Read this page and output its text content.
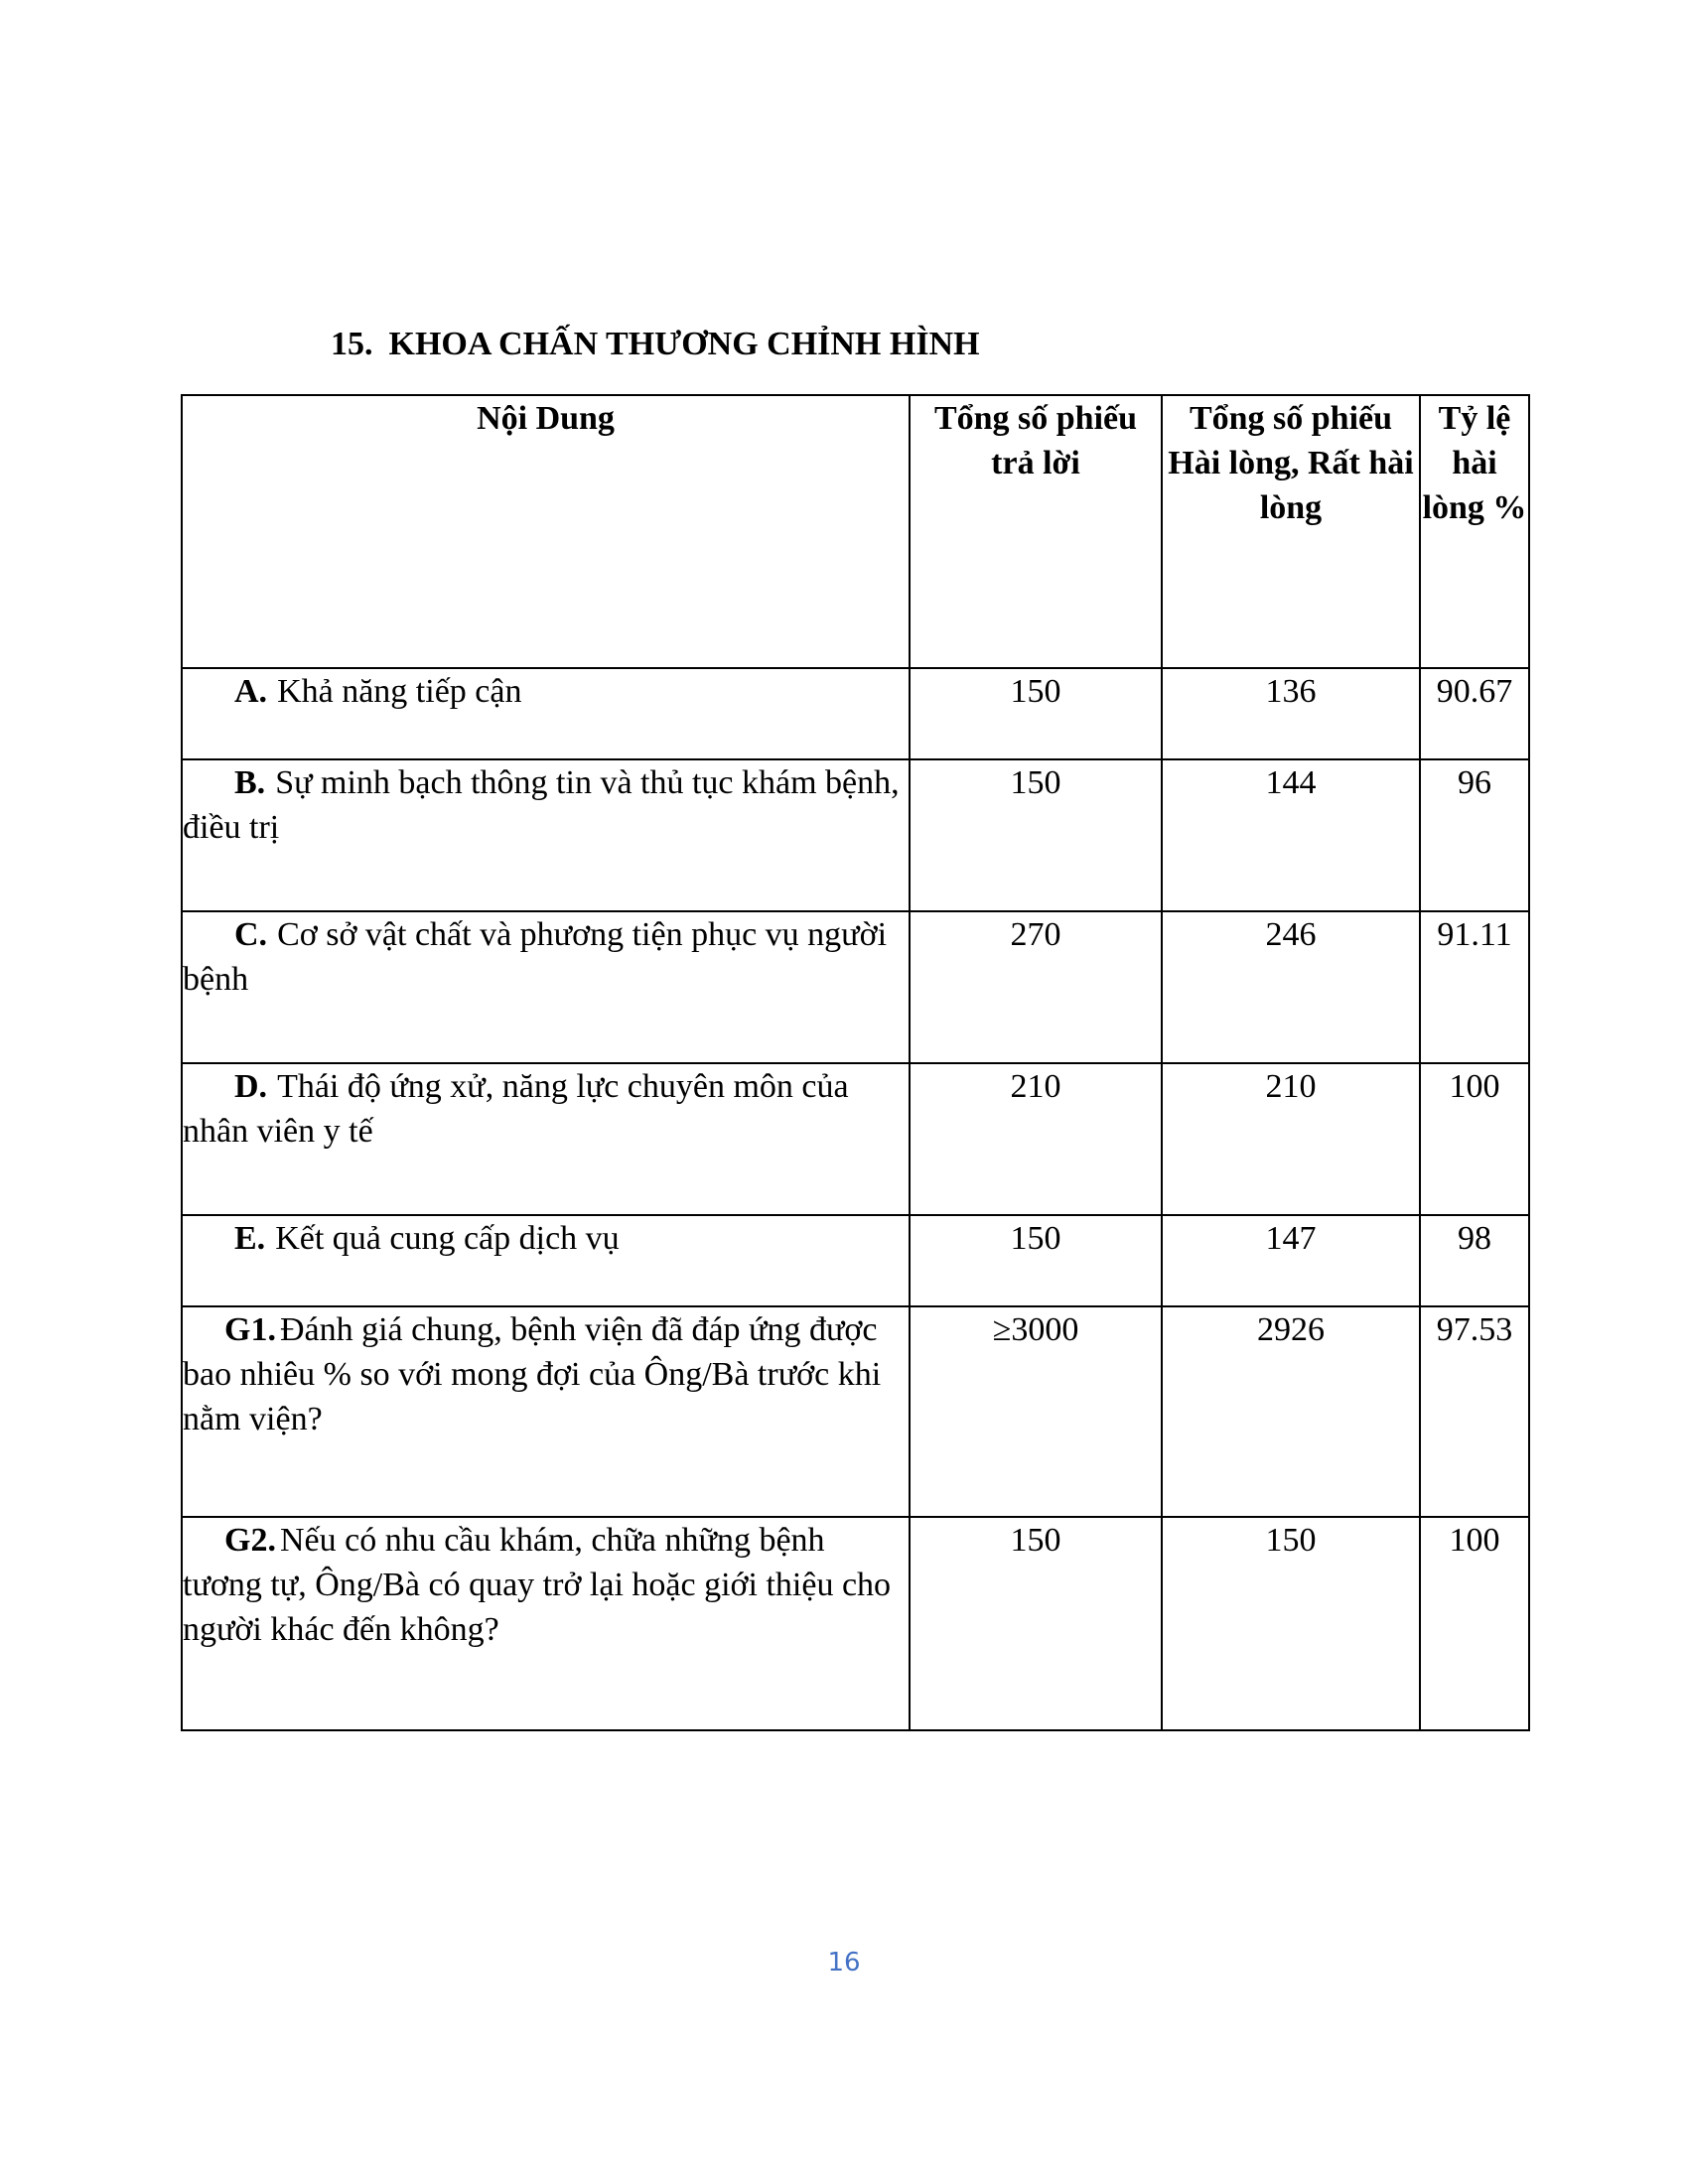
15. KHOA CHẤN THƯƠNG CHỈNH HÌNH
Nội Dung	Tổng số phiếu trả lời	Tổng số phiếu Hài lòng, Rất hài lòng	Tỷ lệ hài lòng %
A. Khả năng tiếp cận	150	136	90.67
B. Sự minh bạch thông tin và thủ tục khám bệnh, điều trị	150	144	96
C. Cơ sở vật chất và phương tiện phục vụ người bệnh	270	246	91.11
D. Thái độ ứng xử, năng lực chuyên môn của nhân viên y tế	210	210	100
E. Kết quả cung cấp dịch vụ	150	147	98
G1. Đánh giá chung, bệnh viện đã đáp ứng được bao nhiêu % so với mong đợi của Ông/Bà trước khi nằm viện?	≥3000	2926	97.53
G2. Nếu có nhu cầu khám, chữa những bệnh tương tự, Ông/Bà có quay trở lại hoặc giới thiệu cho người khác đến không?	150	150	100
16
